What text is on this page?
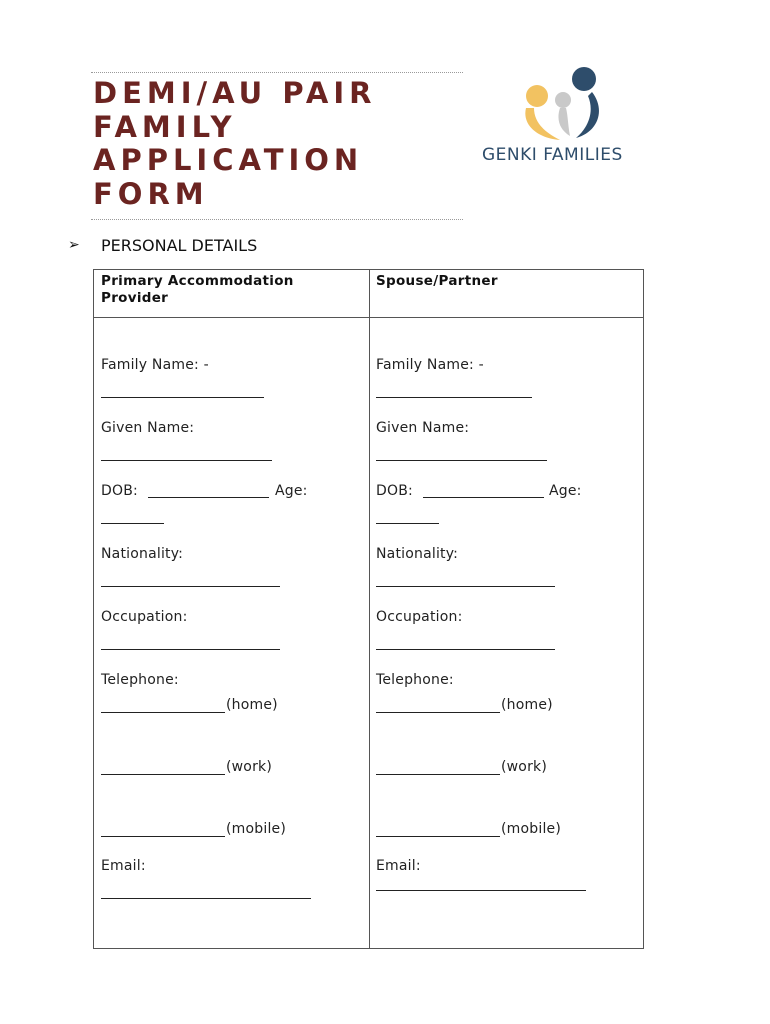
DEMI/AU PAIR
FAMILY
APPLICATION
FORM
GENKI FAMILIES
➢ PERSONAL DETAILS
Primary Accommodation
Provider
Family Name: -
Given Name:
DOB:	Age:
Nationality:
Occupation:
Telephone:
(home)
(work)
(mobile)
Email:
Spouse/Partner
Family Name: -
Given Name:
DOB:	Age:
Nationality:
Occupation:
Telephone:
(home)
(work)
(mobile)
Email:
